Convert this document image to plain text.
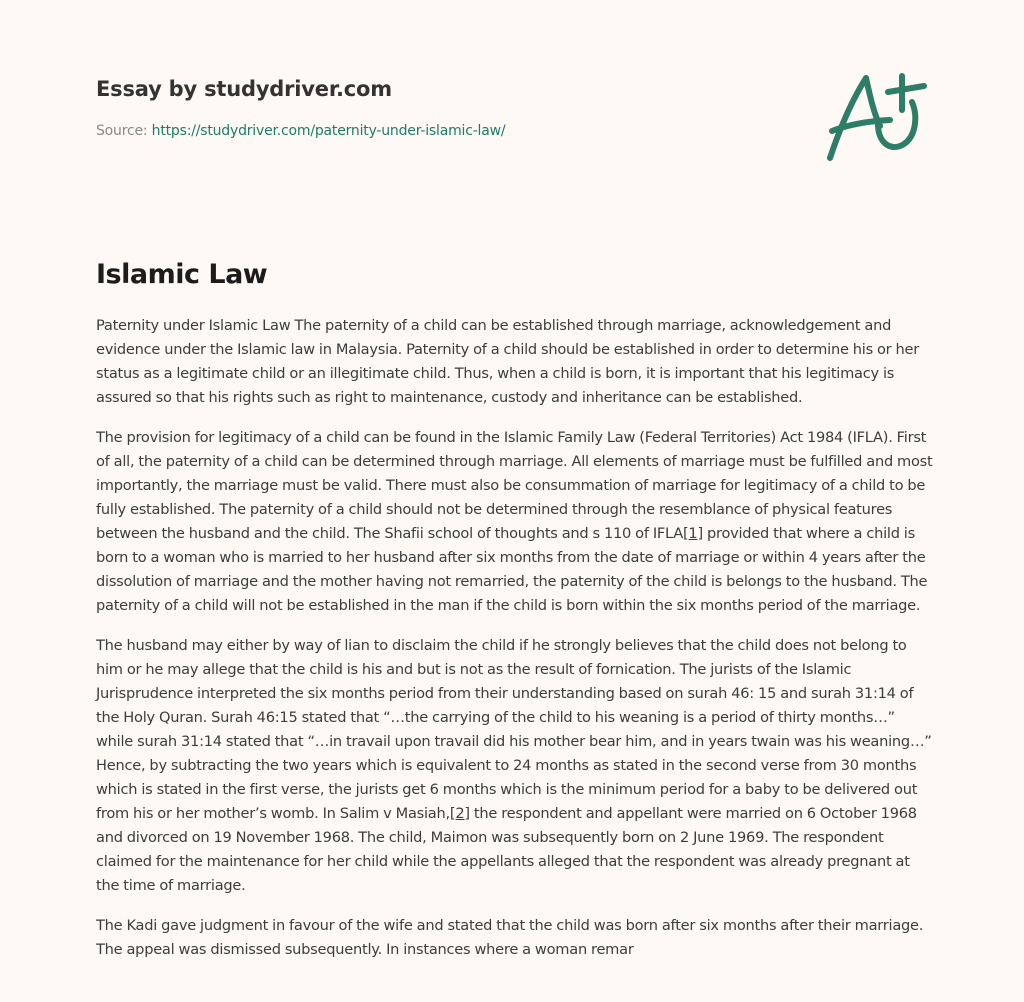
Essay by studydriver.com
Source: https://studydriver.com/paternity-under-islamic-law/
Islamic Law

Paternity under Islamic Law The paternity of a child can be established through marriage, acknowledgement and evidence under the Islamic law in Malaysia. Paternity of a child should be established in order to determine his or her status as a legitimate child or an illegitimate child. Thus, when a child is born, it is important that his legitimacy is assured so that his rights such as right to maintenance, custody and inheritance can be established.

The provision for legitimacy of a child can be found in the Islamic Family Law (Federal Territories) Act 1984 (IFLA). First of all, the paternity of a child can be determined through marriage. All elements of marriage must be fulfilled and most importantly, the marriage must be valid. There must also be consummation of marriage for legitimacy of a child to be fully established. The paternity of a child should not be determined through the resemblance of physical features between the husband and the child. The Shafii school of thoughts and s 110 of IFLA[1] provided that where a child is born to a woman who is married to her husband after six months from the date of marriage or within 4 years after the dissolution of marriage and the mother having not remarried, the paternity of the child is belongs to the husband. The paternity of a child will not be established in the man if the child is born within the six months period of the marriage.

The husband may either by way of lian to disclaim the child if he strongly believes that the child does not belong to him or he may allege that the child is his and but is not as the result of fornication. The jurists of the Islamic Jurisprudence interpreted the six months period from their understanding based on surah 46: 15 and surah 31:14 of the Holy Quran. Surah 46:15 stated that “…the carrying of the child to his weaning is a period of thirty months…” while surah 31:14 stated that “…in travail upon travail did his mother bear him, and in years twain was his weaning…” Hence, by subtracting the two years which is equivalent to 24 months as stated in the second verse from 30 months which is stated in the first verse, the jurists get 6 months which is the minimum period for a baby to be delivered out from his or her mother’s womb. In Salim v Masiah,[2] the respondent and appellant were married on 6 October 1968 and divorced on 19 November 1968. The child, Maimon was subsequently born on 2 June 1969. The respondent claimed for the maintenance for her child while the appellants alleged that the respondent was already pregnant at the time of marriage.

The Kadi gave judgment in favour of the wife and stated that the child was born after six months after their marriage. The appeal was dismissed subsequently. In instances where a woman remar
